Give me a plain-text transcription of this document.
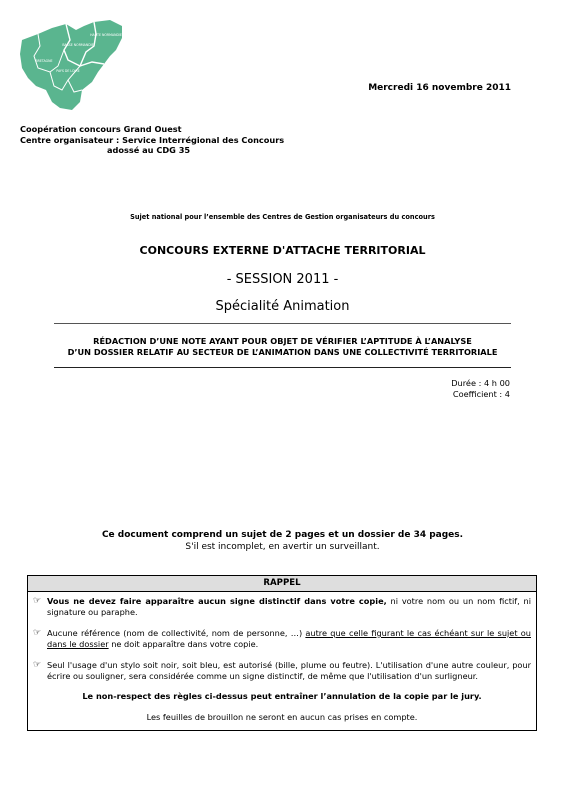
HAUTE NORMANDIE
BASSE NORMANDIE
BRETAGNE
PAYS DE LOIRE
Mercredi 16 novembre 2011
Coopération concours Grand Ouest
Centre organisateur : Service Interrégional des Concours
adossé au CDG 35
Sujet national pour l’ensemble des Centres de Gestion organisateurs du concours
CONCOURS EXTERNE D'ATTACHE TERRITORIAL
- SESSION 2011 -
Spécialité Animation
RÉDACTION D’UNE NOTE AYANT POUR OBJET DE VÉRIFIER L’APTITUDE À L’ANALYSE
D’UN DOSSIER RELATIF AU SECTEUR DE L’ANIMATION DANS UNE COLLECTIVITÉ TERRITORIALE
Durée : 4 h 00
Coefficient : 4
Ce document comprend un sujet de 2 pages et un dossier de 34 pages.
S'il est incomplet, en avertir un surveillant.
RAPPEL
☞ Vous ne devez faire apparaître aucun signe distinctif dans votre copie, ni votre nom ou un nom fictif, ni signature ou paraphe.
☞ Aucune référence (nom de collectivité, nom de personne, …) autre que celle figurant le cas échéant sur le sujet ou dans le dossier ne doit apparaître dans votre copie.
☞ Seul l'usage d'un stylo soit noir, soit bleu, est autorisé (bille, plume ou feutre). L'utilisation d'une autre couleur, pour écrire ou souligner, sera considérée comme un signe distinctif, de même que l'utilisation d'un surligneur.
Le non-respect des règles ci-dessus peut entraîner l’annulation de la copie par le jury.
Les feuilles de brouillon ne seront en aucun cas prises en compte.
